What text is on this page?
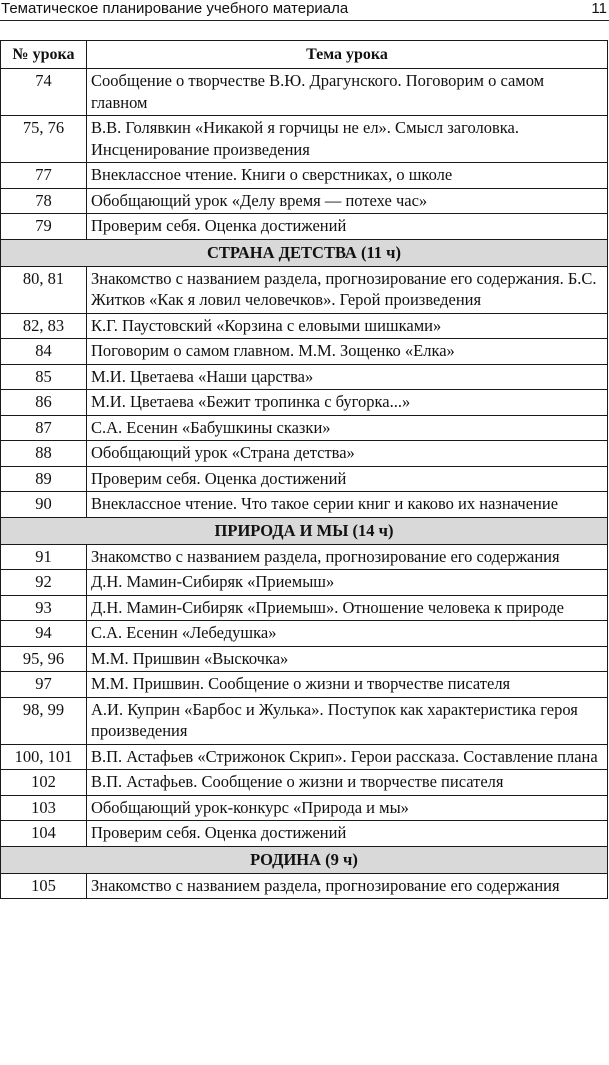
Тематическое планирование учебного материала	11
№ урока	Тема урока
74	Сообщение о творчестве В.Ю. Драгунского. Поговорим о самом главном
75, 76	В.В. Голявкин «Никакой я горчицы не ел». Смысл заголовка. Инсценирование произведения
77	Внеклассное чтение. Книги о сверстниках, о школе
78	Обобщающий урок «Делу время — потехе час»
79	Проверим себя. Оценка достижений
СТРАНА ДЕТСТВА (11 ч)	
80, 81	Знакомство с названием раздела, прогнозирование его содержания. Б.С. Житков «Как я ловил человечков». Герой произведения
82, 83	К.Г. Паустовский «Корзина с еловыми шишками»
84	Поговорим о самом главном. М.М. Зощенко «Елка»
85	М.И. Цветаева «Наши царства»
86	М.И. Цветаева «Бежит тропинка с бугорка...»
87	С.А. Есенин «Бабушкины сказки»
88	Обобщающий урок «Страна детства»
89	Проверим себя. Оценка достижений
90	Внеклассное чтение. Что такое серии книг и каково их назначение
ПРИРОДА И МЫ (14 ч)	
91	Знакомство с названием раздела, прогнозирование его содержания
92	Д.Н. Мамин-Сибиряк «Приемыш»
93	Д.Н. Мамин-Сибиряк «Приемыш». Отношение человека к природе
94	С.А. Есенин «Лебедушка»
95, 96	М.М. Пришвин «Выскочка»
97	М.М. Пришвин. Сообщение о жизни и творчестве писателя
98, 99	А.И. Куприн «Барбос и Жулька». Поступок как характеристика героя произведения
100, 101	В.П. Астафьев «Стрижонок Скрип». Герои рассказа. Составление плана
102	В.П. Астафьев. Сообщение о жизни и творчестве писателя
103	Обобщающий урок-конкурс «Природа и мы»
104	Проверим себя. Оценка достижений
РОДИНА (9 ч)	
105	Знакомство с названием раздела, прогнозирование его содержания
